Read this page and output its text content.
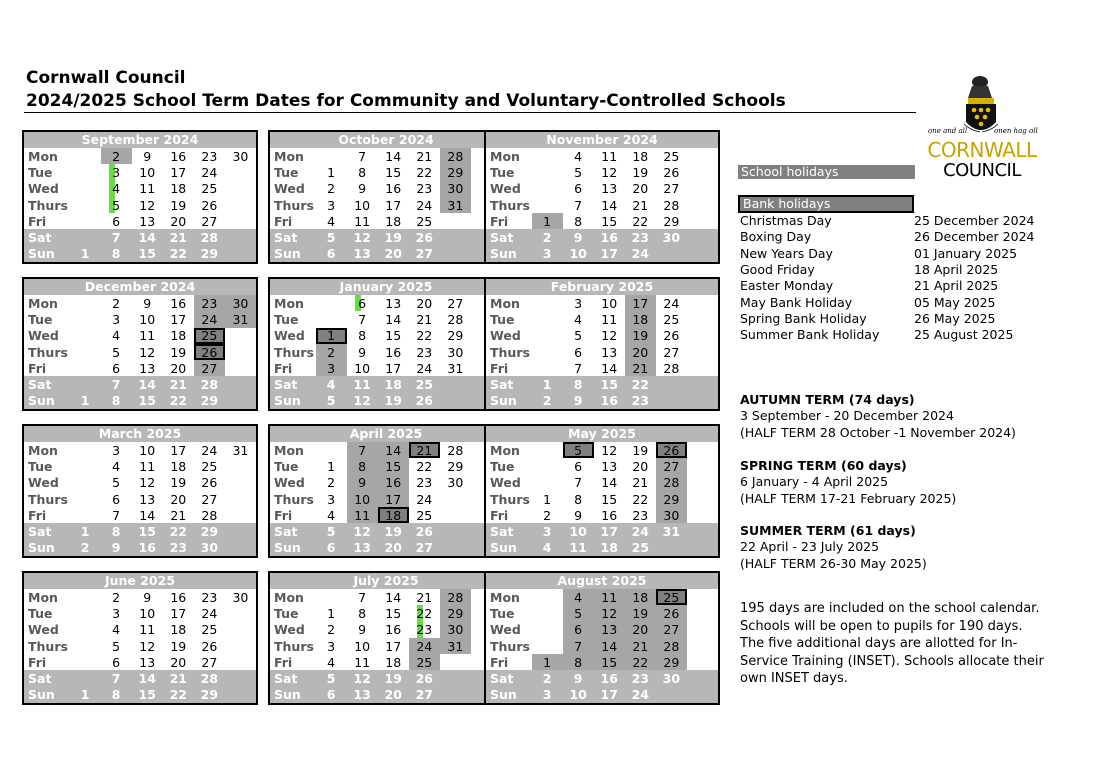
Cornwall Council
2024/2025 School Term Dates for Community and Voluntary-Controlled Schools
one and all	onen hag oll
CORNWALL
COUNCIL
September 2024
Mon		2	9	16	23	30
Tue		3	10	17	24	
Wed		4	11	18	25	
Thurs		5	12	19	26	
Fri		6	13	20	27	
Sat		7	14	21	28	
Sun	1	8	15	22	29	
October 2024
Mon		7	14	21	28	
Tue	1	8	15	22	29	
Wed	2	9	16	23	30	
Thurs	3	10	17	24	31	
Fri	4	11	18	25		
Sat	5	12	19	26		
Sun	6	13	20	27		
November 2024
Mon		4	11	18	25	
Tue		5	12	19	26	
Wed		6	13	20	27	
Thurs		7	14	21	28	
Fri	1	8	15	22	29	
Sat	2	9	16	23	30	
Sun	3	10	17	24		
December 2024
Mon		2	9	16	23	30
Tue		3	10	17	24	31
Wed		4	11	18	25	
Thurs		5	12	19	26	
Fri		6	13	20	27	
Sat		7	14	21	28	
Sun	1	8	15	22	29	
January 2025
Mon		6	13	20	27	
Tue		7	14	21	28	
Wed	1	8	15	22	29	
Thurs	2	9	16	23	30	
Fri	3	10	17	24	31	
Sat	4	11	18	25		
Sun	5	12	19	26		
February 2025
Mon		3	10	17	24	
Tue		4	11	18	25	
Wed		5	12	19	26	
Thurs		6	13	20	27	
Fri		7	14	21	28	
Sat	1	8	15	22		
Sun	2	9	16	23		
March 2025
Mon		3	10	17	24	31
Tue		4	11	18	25	
Wed		5	12	19	26	
Thurs		6	13	20	27	
Fri		7	14	21	28	
Sat	1	8	15	22	29	
Sun	2	9	16	23	30	
April 2025
Mon		7	14	21	28	
Tue	1	8	15	22	29	
Wed	2	9	16	23	30	
Thurs	3	10	17	24		
Fri	4	11	18	25		
Sat	5	12	19	26		
Sun	6	13	20	27		
May 2025
Mon		5	12	19	26	
Tue		6	13	20	27	
Wed		7	14	21	28	
Thurs	1	8	15	22	29	
Fri	2	9	16	23	30	
Sat	3	10	17	24	31	
Sun	4	11	18	25		
June 2025
Mon		2	9	16	23	30
Tue		3	10	17	24	
Wed		4	11	18	25	
Thurs		5	12	19	26	
Fri		6	13	20	27	
Sat		7	14	21	28	
Sun	1	8	15	22	29	
July 2025
Mon		7	14	21	28	
Tue	1	8	15	22	29	
Wed	2	9	16	23	30	
Thurs	3	10	17	24	31	
Fri	4	11	18	25		
Sat	5	12	19	26		
Sun	6	13	20	27		
August 2025
Mon		4	11	18	25	
Tue		5	12	19	26	
Wed		6	13	20	27	
Thurs		7	14	21	28	
Fri	1	8	15	22	29	
Sat	2	9	16	23	30	
Sun	3	10	17	24		
School holidays
Bank holidays
Christmas Day	25 December 2024
Boxing Day	26 December 2024
New Years Day	01 January 2025
Good Friday	18 April 2025
Easter Monday	21 April 2025
May Bank Holiday	05 May 2025
Spring Bank Holiday	26 May 2025
Summer Bank Holiday	25 August 2025
AUTUMN TERM (74 days)
3 September - 20 December 2024
(HALF TERM 28 October -1 November 2024)
SPRING TERM (60 days)
6 January - 4 April 2025
(HALF TERM 17-21 February 2025)
SUMMER TERM (61 days)
22 April - 23 July 2025
(HALF TERM 26-30 May 2025)
195 days are included on the school calendar. Schools will be open to pupils for 190 days. The five additional days are allotted for In-Service Training (INSET). Schools allocate their own INSET days.
